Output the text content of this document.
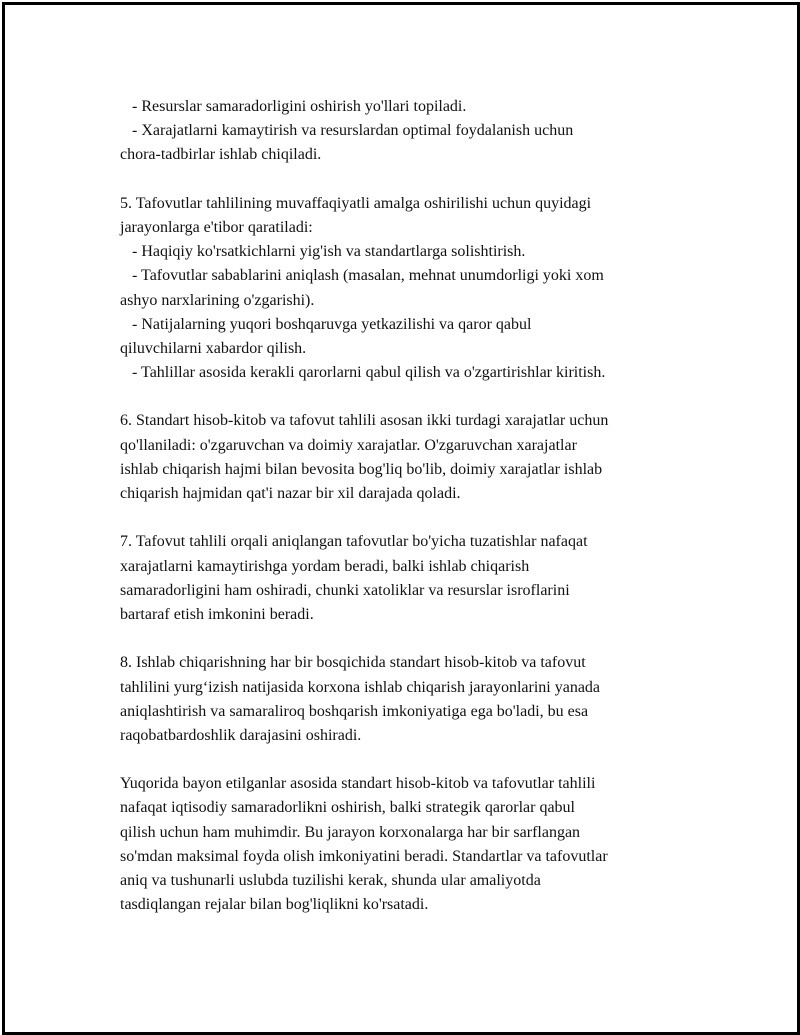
- Resurslar samaradorligini oshirish yo'llari topiladi.
- Xarajatlarni kamaytirish va resurslardan optimal foydalanish uchun
chora-tadbirlar ishlab chiqiladi.
5. Tafovutlar tahlilining muvaffaqiyatli amalga oshirilishi uchun quyidagi
jarayonlarga e'tibor qaratiladi:
- Haqiqiy ko'rsatkichlarni yig'ish va standartlarga solishtirish.
- Tafovutlar sabablarini aniqlash (masalan, mehnat unumdorligi yoki xom
ashyo narxlarining o'zgarishi).
- Natijalarning yuqori boshqaruvga yetkazilishi va qaror qabul
qiluvchilarni xabardor qilish.
- Tahlillar asosida kerakli qarorlarni qabul qilish va o'zgartirishlar kiritish.
6. Standart hisob-kitob va tafovut tahlili asosan ikki turdagi xarajatlar uchun
qo'llaniladi: o'zgaruvchan va doimiy xarajatlar. O'zgaruvchan xarajatlar
ishlab chiqarish hajmi bilan bevosita bog'liq bo'lib, doimiy xarajatlar ishlab
chiqarish hajmidan qat'i nazar bir xil darajada qoladi.
7. Tafovut tahlili orqali aniqlangan tafovutlar bo'yicha tuzatishlar nafaqat
xarajatlarni kamaytirishga yordam beradi, balki ishlab chiqarish
samaradorligini ham oshiradi, chunki xatoliklar va resurslar isroflarini
bartaraf etish imkonini beradi.
8. Ishlab chiqarishning har bir bosqichida standart hisob-kitob va tafovut
tahlilini yurg‘izish natijasida korxona ishlab chiqarish jarayonlarini yanada
aniqlashtirish va samaraliroq boshqarish imkoniyatiga ega bo'ladi, bu esa
raqobatbardoshlik darajasini oshiradi.
Yuqorida bayon etilganlar asosida standart hisob-kitob va tafovutlar tahlili
nafaqat iqtisodiy samaradorlikni oshirish, balki strategik qarorlar qabul
qilish uchun ham muhimdir. Bu jarayon korxonalarga har bir sarflangan
so'mdan maksimal foyda olish imkoniyatini beradi. Standartlar va tafovutlar
aniq va tushunarli uslubda tuzilishi kerak, shunda ular amaliyotda
tasdiqlangan rejalar bilan bog'liqlikni ko'rsatadi.
